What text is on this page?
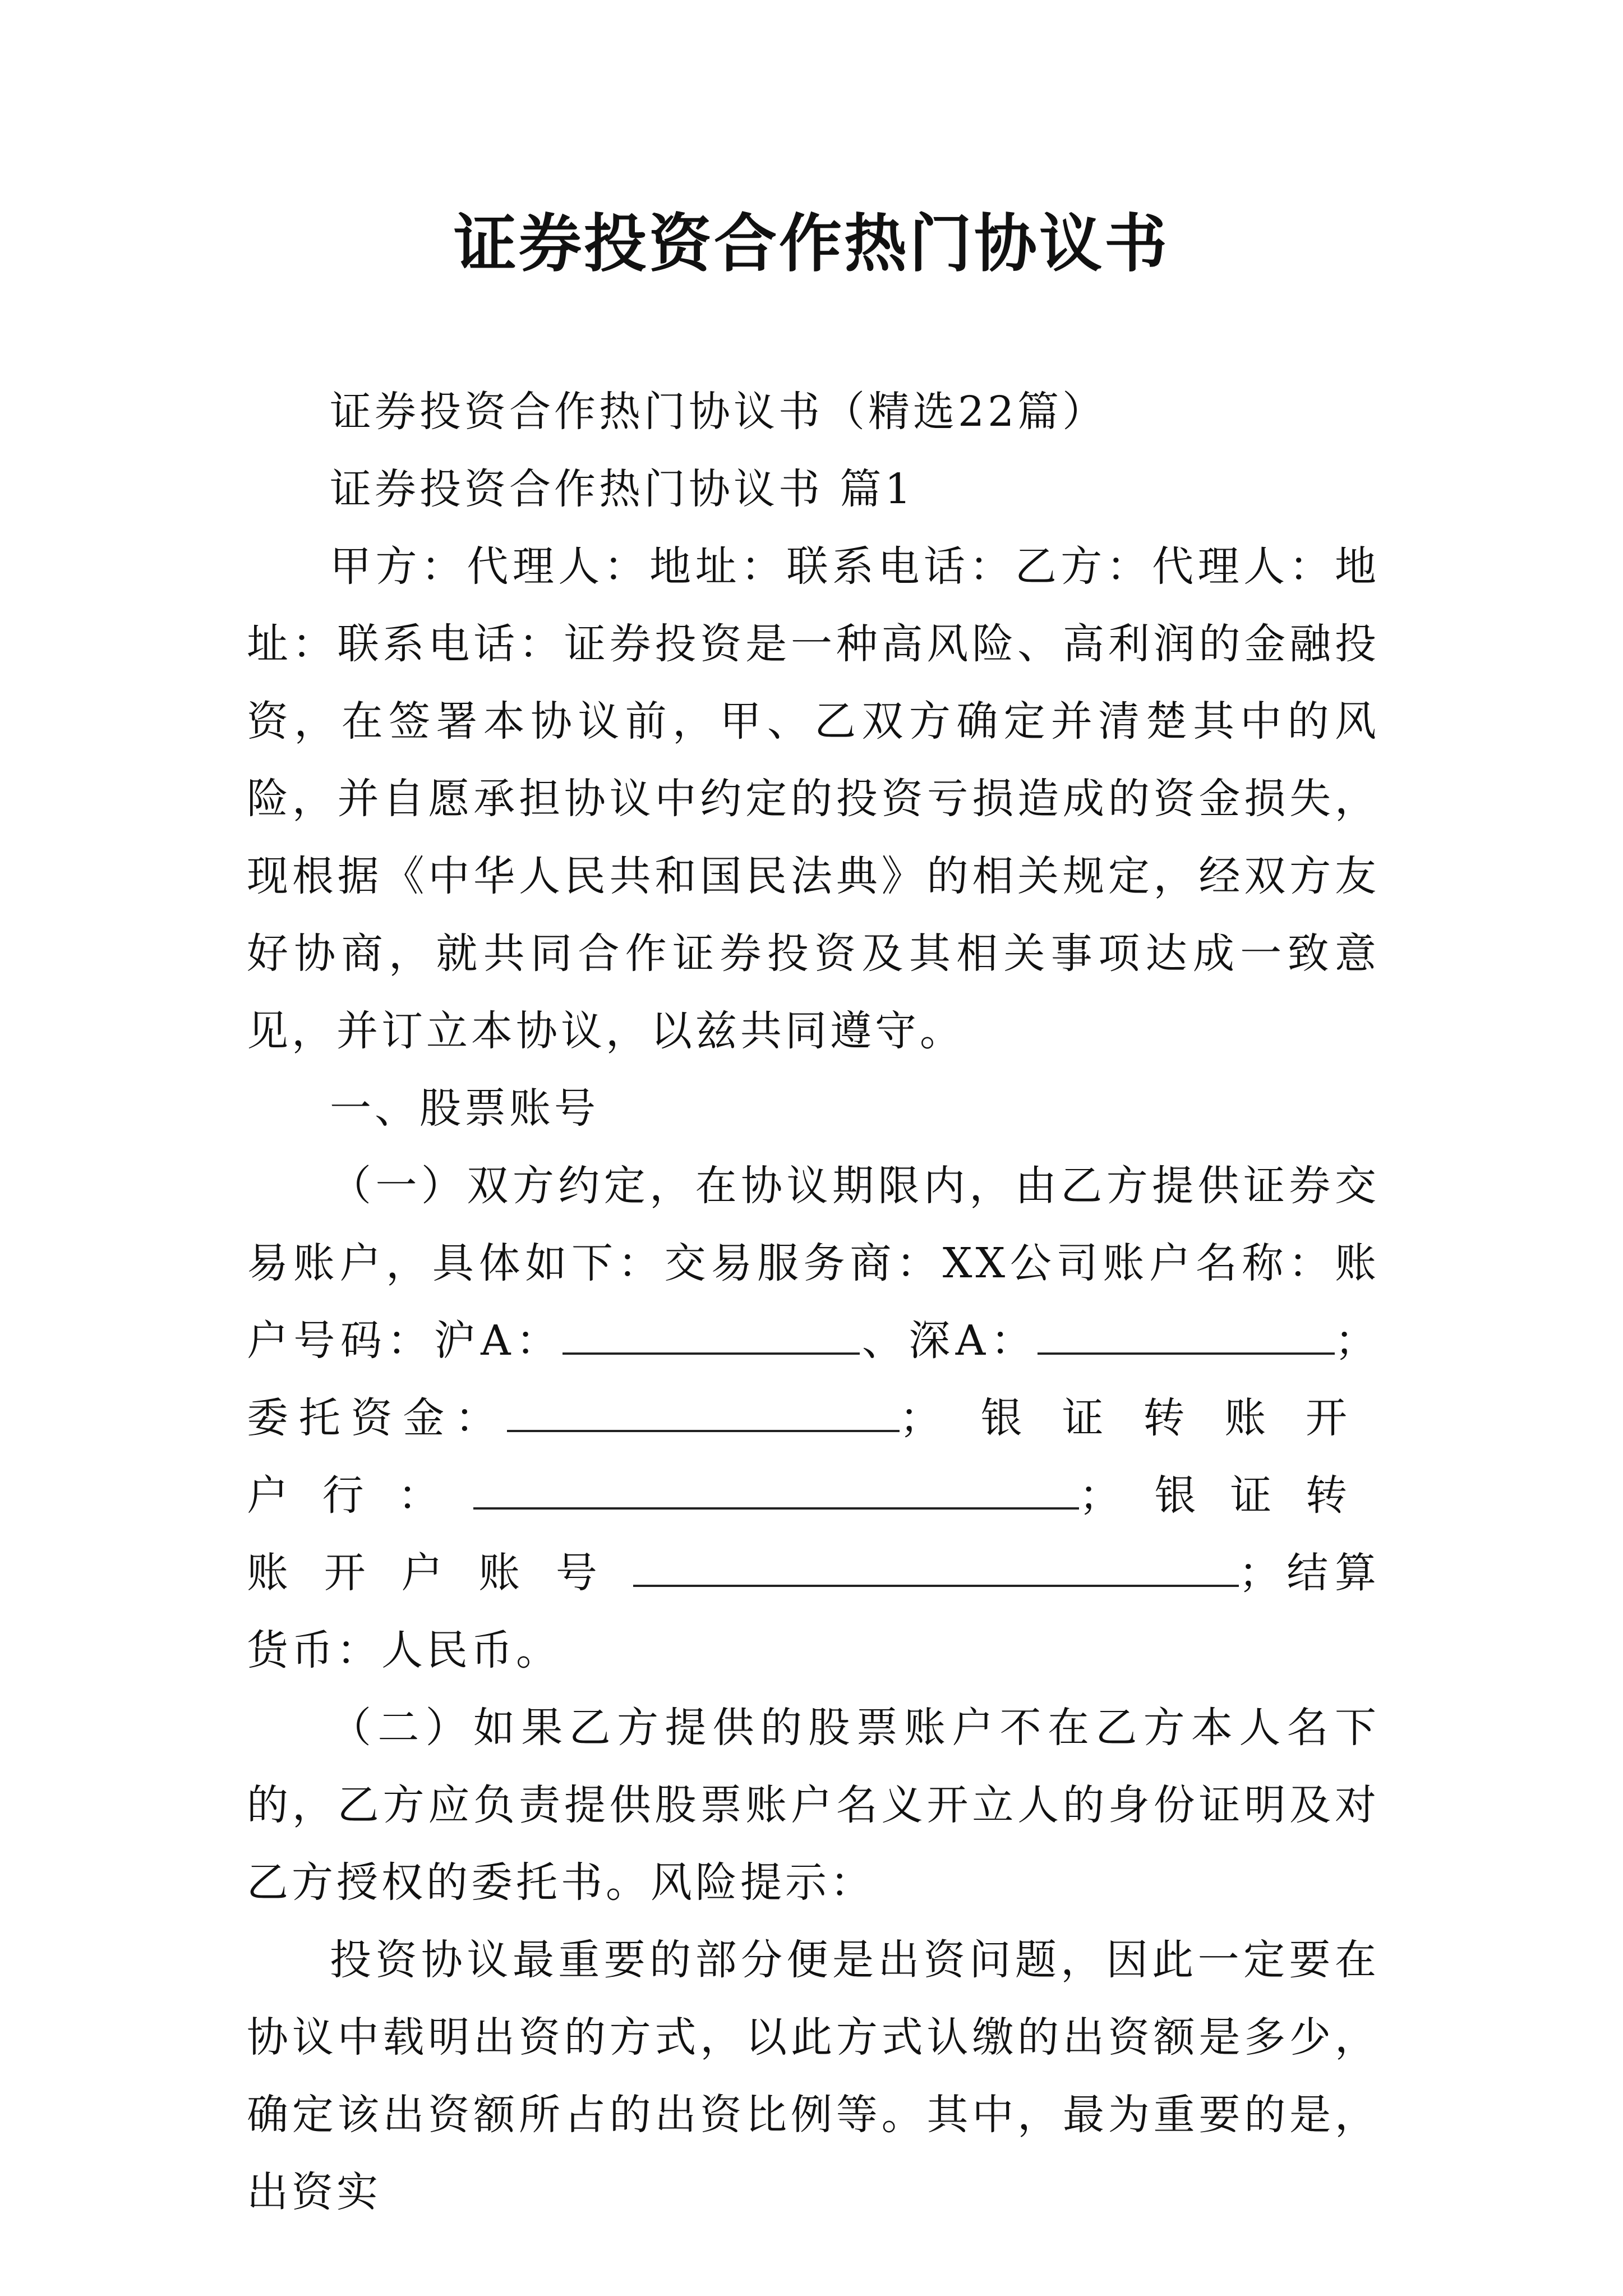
证券投资合作热门协议书

证券投资合作热门协议书（精选22篇）

证券投资合作热门协议书 篇1

甲方：代理人：地址：联系电话：乙方：代理人：地址：联系电话：证券投资是一种高风险、高利润的金融投资，在签署本协议前，甲、乙双方确定并清楚其中的风险，并自愿承担协议中约定的投资亏损造成的资金损失，现根据《中华人民共和国民法典》的相关规定，经双方友好协商，就共同合作证券投资及其相关事项达成一致意见，并订立本协议，以兹共同遵守。

一、股票账号

（一）双方约定，在协议期限内，由乙方提供证券交易账户，具体如下：交易服务商：XX公司账户名称：账户号码：沪A：	、深A：	；委托资金：	；银证转账开户行：	；银证转账开户账号	；结算货币：人民币。

（二）如果乙方提供的股票账户不在乙方本人名下的，乙方应负责提供股票账户名义开立人的身份证明及对乙方授权的委托书。风险提示：

投资协议最重要的部分便是出资问题，因此一定要在协议中载明出资的方式，以此方式认缴的出资额是多少，确定该出资额所占的出资比例等。其中，最为重要的是，出资实
